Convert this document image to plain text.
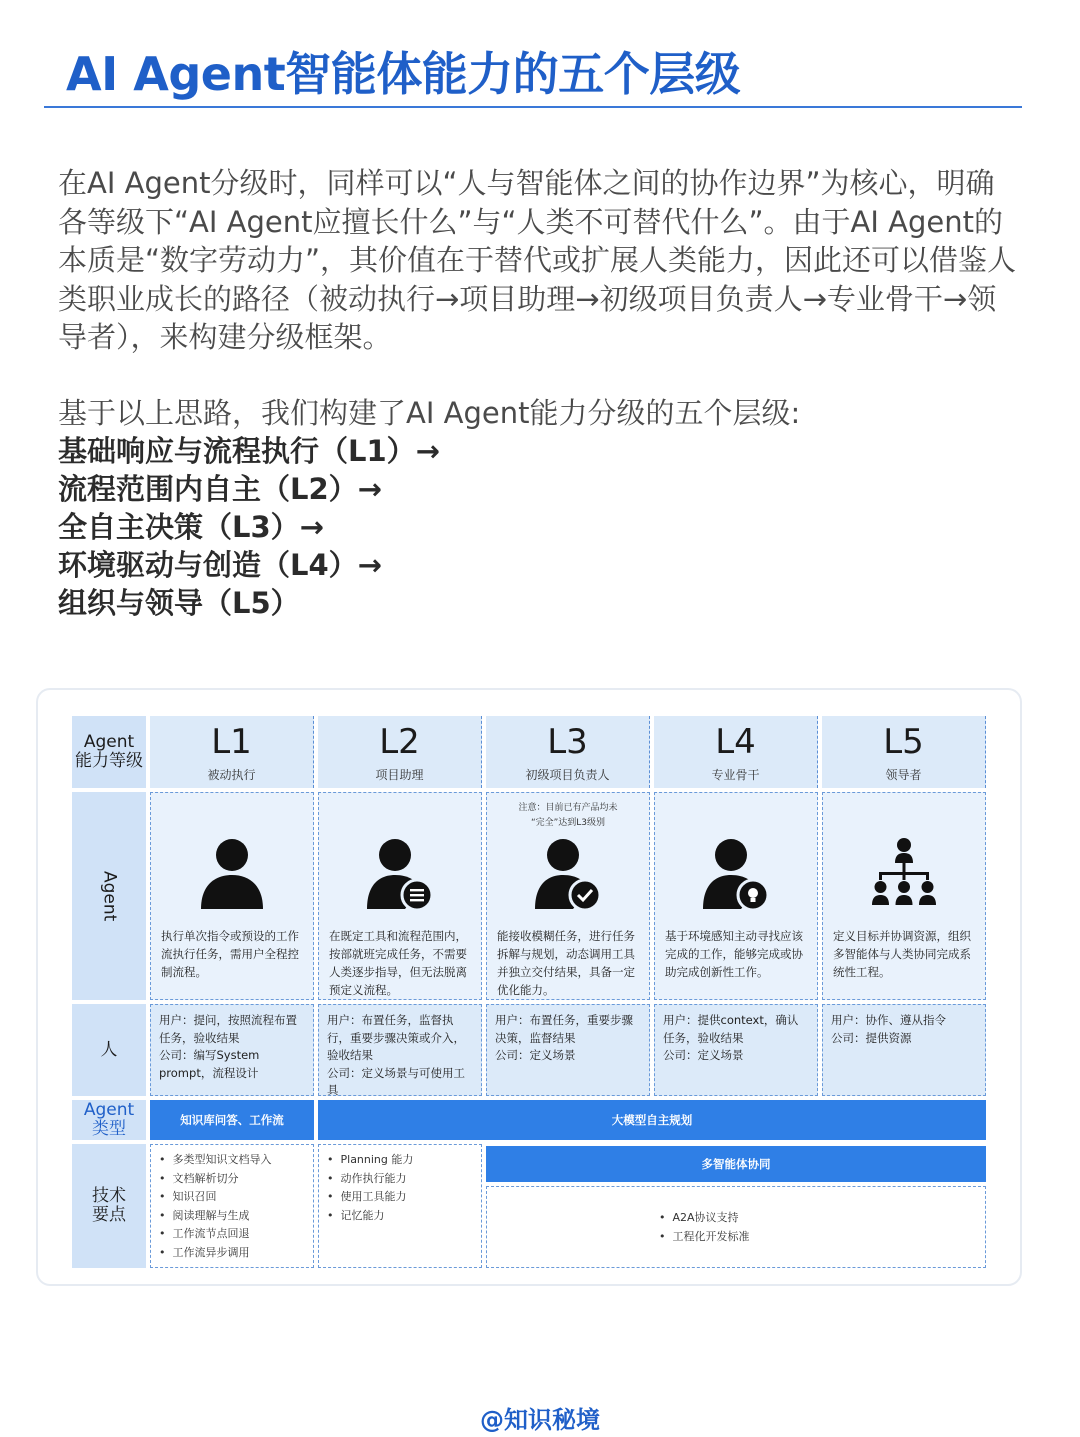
AI Agent智能体能力的五个层级

在AI Agent分级时，同样可以“人与智能体之间的协作边界”为核心，明确各等级下“AI Agent应擅长什么”与“人类不可替代什么”。由于AI Agent的本质是“数字劳动力”，其价值在于替代或扩展人类能力，因此还可以借鉴人类职业成长的路径（被动执行→项目助理→初级项目负责人→专业骨干→领导者），来构建分级框架。

基于以上思路，我们构建了AI Agent能力分级的五个层级:

基础响应与流程执行（L1）→
流程范围内自主（L2）→
全自主决策（L3）→
环境驱动与创造（L4）→
组织与领导（L5）
Agent
能力等级 L1
被动执行
L2
项目助理
L3
初级项目负责人
L4
专业骨干
L5
领导者
Agent
执行单次指令或预设的工作流执行任务，需用户全程控制流程。
在既定工具和流程范围内，按部就班完成任务，不需要人类逐步指导，但无法脱离预定义流程。
注意：目前已有产品均未
“完全”达到L3级别
能接收模糊任务，进行任务拆解与规划，动态调用工具并独立交付结果，具备一定优化能力。
基于环境感知主动寻找应该完成的工作，能够完成或协助完成创新性工作。
定义目标并协调资源，组织多智能体与人类协同完成系统性工程。
人
用户：提问，按照流程布置任务，验收结果
公司：编写System prompt，流程设计
用户：布置任务，监督执行，重要步骤决策或介入，验收结果
公司：定义场景与可使用工具
用户：布置任务，重要步骤决策，监督结果
公司：定义场景
用户：提供context，确认任务，验收结果
公司：定义场景
用户：协作、遵从指令
公司：提供资源
Agent
类型	知识库问答、工作流	大模型自主规划
技术
要点
• 多类型知识文档导入
• 文档解析切分
• 知识召回
• 阅读理解与生成
• 工作流节点回退
• 工作流异步调用
• Planning 能力
• 动作执行能力
• 使用工具能力
• 记忆能力
多智能体协同
• A2A协议支持
• 工程化开发标准
@知识秘境
